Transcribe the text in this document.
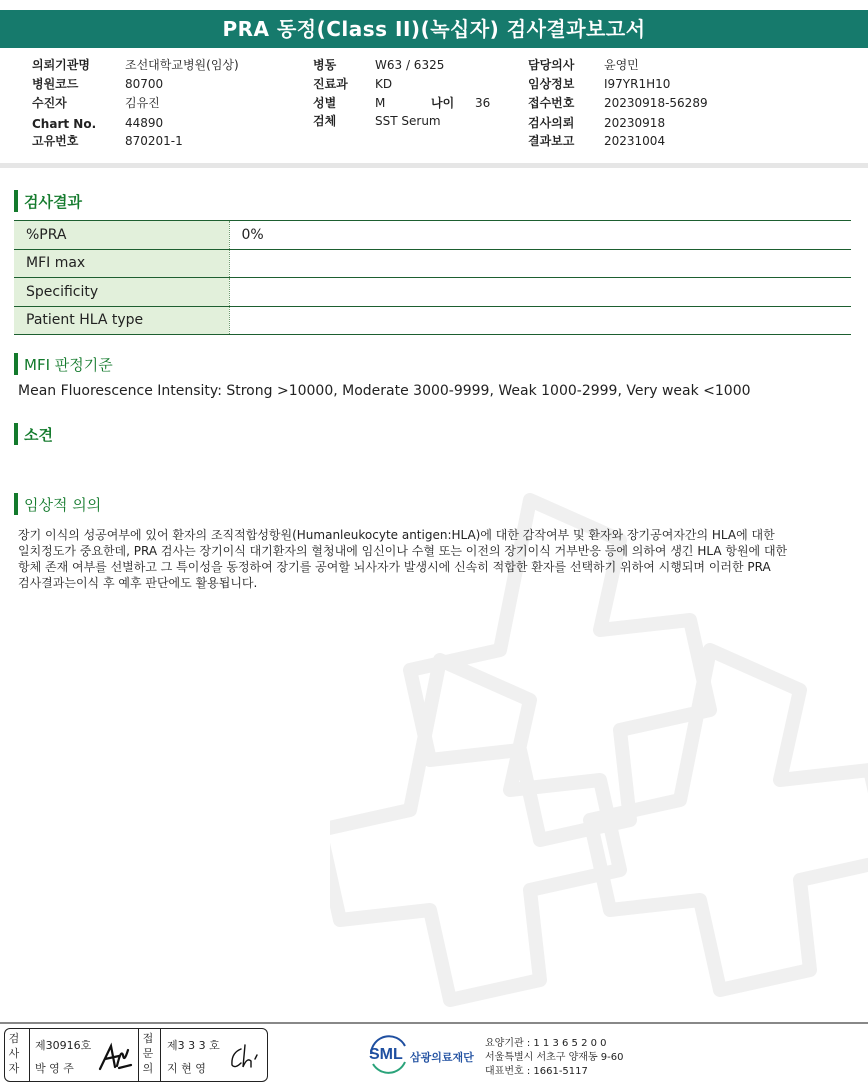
PRA 동정(Class II)(녹십자) 검사결과보고서
의뢰기관명	조선대학교병원(임상)
병원코드	80700
수진자	김유진
Chart No. 44890
고유번호	870201-1
병동	W63 / 6325
진료과 KD
성별	M	나이 36
검체	SST Serum
담당의사 윤영민
임상정보 I97YR1H10
접수번호 20230918-56289
검사의뢰 20230918
결과보고 20231004
검사결과
%PRA	0%
MFI max	
Specificity	
Patient HLA type	
MFI 판정기준
Mean Fluorescence Intensity: Strong >10000, Moderate 3000-9999, Weak 1000-2999, Very weak <1000
소견
임상적 의의
장기 이식의 성공여부에 있어 환자의 조직적합성항원(Humanleukocyte antigen:HLA)에 대한 감작여부 및 환자와 장기공여자간의 HLA에 대한
일치정도가 중요한데, PRA 검사는 장기이식 대기환자의 혈청내에 임신이나 수혈 또는 이전의 장기이식 거부반응 등에 의하여 생긴 HLA 항원에 대한
항체 존재 여부를 선별하고 그 특이성을 동정하여 장기를 공여할 뇌사자가 발생시에 신속히 적합한 환자를 선택하기 위하여 시행되며 이러한 PRA
검사결과는이식 후 예후 판단에도 활용됩니다.
검사자
제30916호
박 영 주
접문의
제3 3 3 호
지 현 영
SML 삼광의료재단
요양기관 : 1 1 3 6 5 2 0 0
서울특별시 서초구 양재동 9-60
대표번호 : 1661-5117
